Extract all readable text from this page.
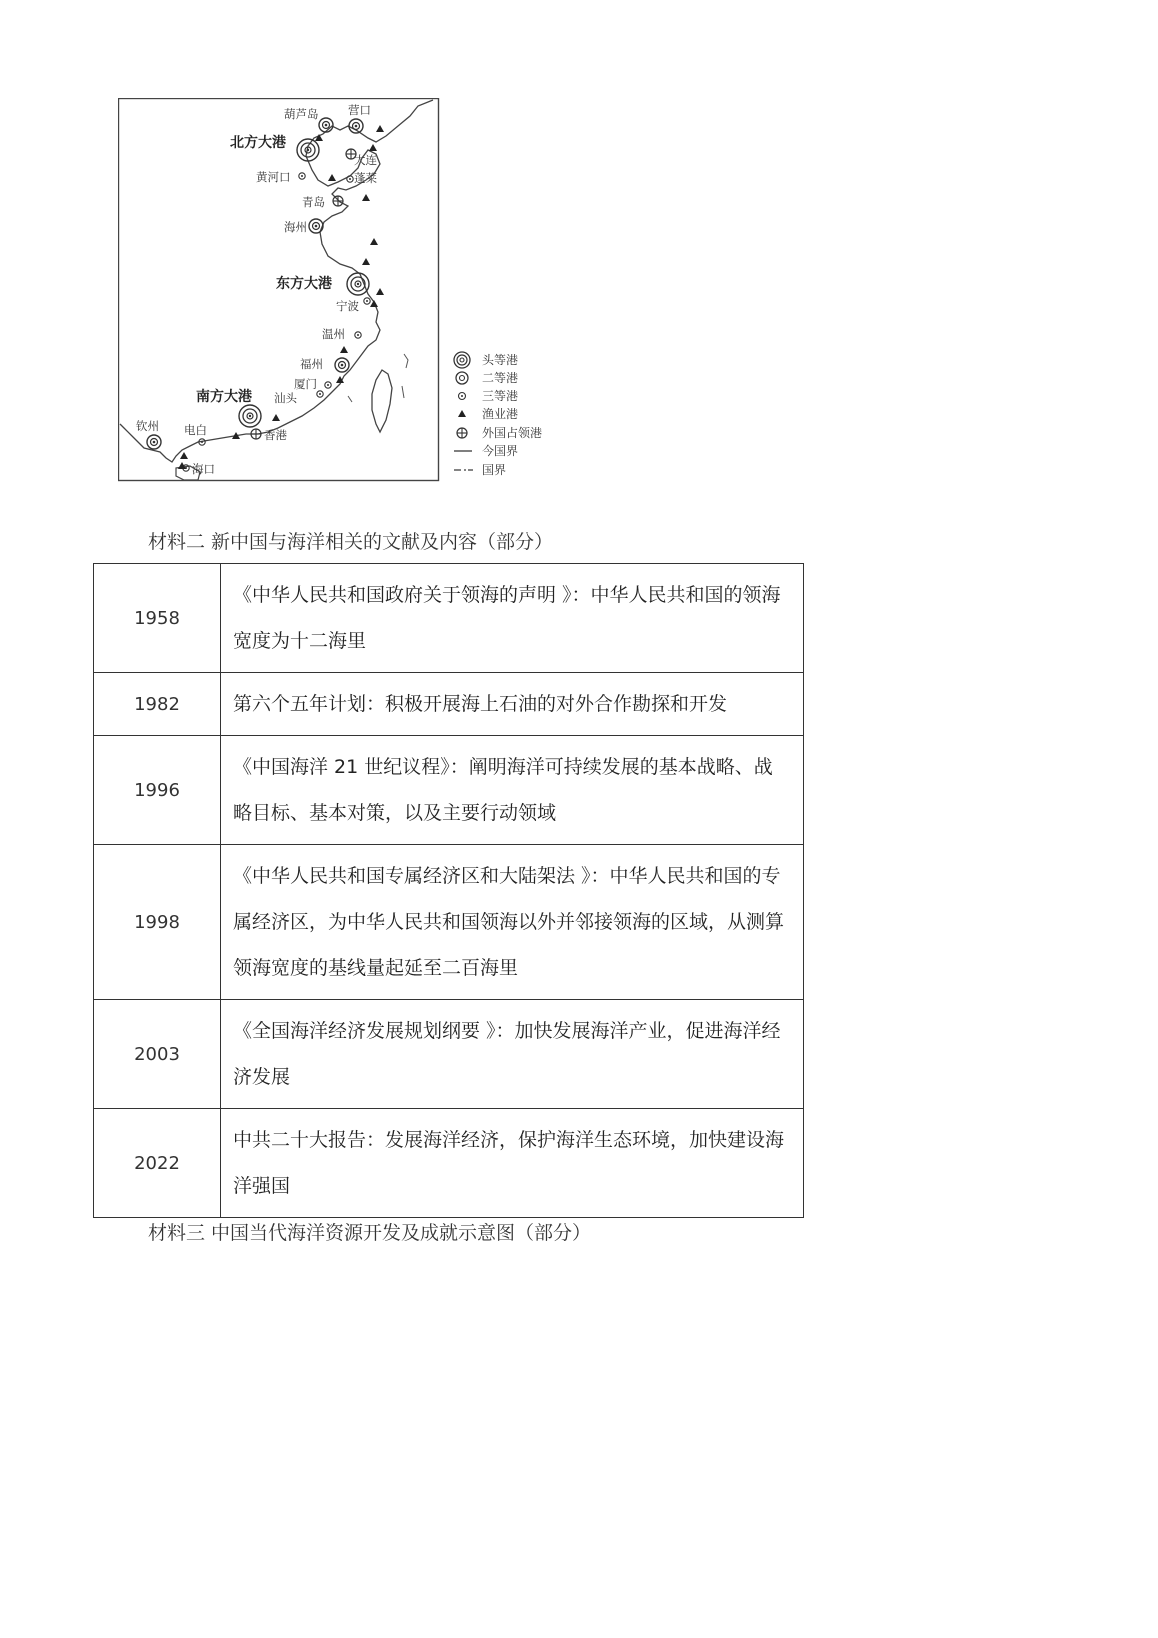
葫芦岛	营口
北方大港
大连
黄河口	蓬莱
青岛
海州
东方大港
宁波
温州
福州
厦门
汕头
南方大港
钦州 电白	香港
海口
头等港
二等港
三等港
渔业港
外国占领港
今国界
国界
材料二 新中国与海洋相关的文献及内容（部分）
1958	《中华人民共和国政府关于领海的声明 》：中华人民共和国的领海宽度为十二海里
1982	第六个五年计划：积极开展海上石油的对外合作勘探和开发
1996	《中国海洋 21 世纪议程》：阐明海洋可持续发展的基本战略、战略目标、基本对策，以及主要行动领域
1998	《中华人民共和国专属经济区和大陆架法 》：中华人民共和国的专属经济区，为中华人民共和国领海以外并邻接领海的区域，从测算领海宽度的基线量起延至二百海里
2003	《全国海洋经济发展规划纲要 》：加快发展海洋产业，促进海洋经济发展
2022	中共二十大报告：发展海洋经济，保护海洋生态环境，加快建设海洋强国
材料三 中国当代海洋资源开发及成就示意图（部分）
